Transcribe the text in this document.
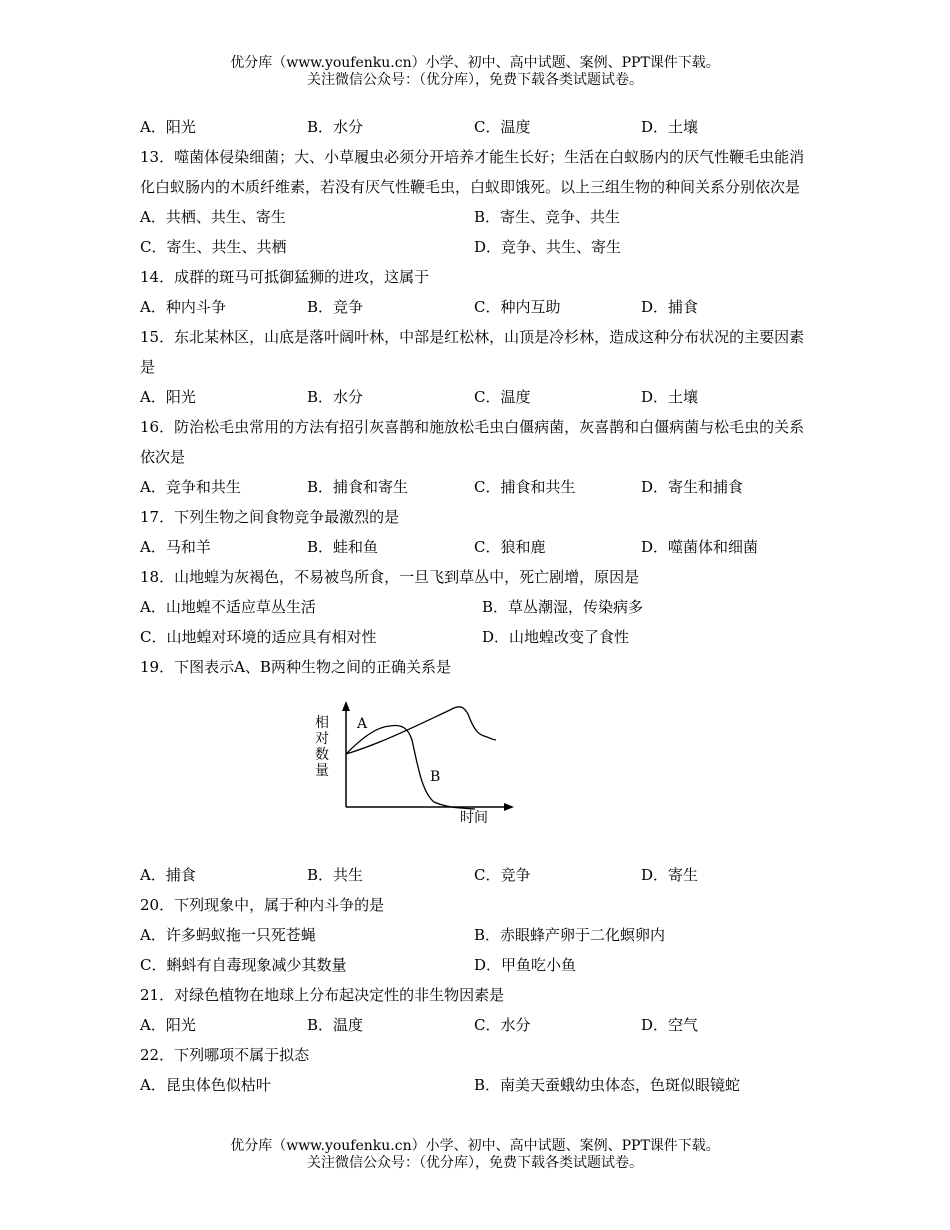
优分库（www.youfenku.cn）小学、初中、高中试题、案例、PPT课件下载。
关注微信公众号：（优分库），免费下载各类试题试卷。
A．阳光	B．水分	C．温度	D．土壤

13．噬菌体侵染细菌；大、小草履虫必须分开培养才能生长好；生活在白蚁肠内的厌气性鞭毛虫能消化白蚁肠内的木质纤维素，若没有厌气性鞭毛虫，白蚁即饿死。以上三组生物的种间关系分别依次是

A．共栖、共生、寄生	B．寄生、竞争、共生
C．寄生、共生、共栖	D．竞争、共生、寄生

14．成群的斑马可抵御猛狮的进攻，这属于

A．种内斗争	B．竞争	C．种内互助	D．捕食

15．东北某林区，山底是落叶阔叶林，中部是红松林，山顶是冷杉林，造成这种分布状况的主要因素是

A．阳光	B．水分	C．温度	D．土壤

16．防治松毛虫常用的方法有招引灰喜鹊和施放松毛虫白僵病菌，灰喜鹊和白僵病菌与松毛虫的关系依次是

A．竞争和共生	B．捕食和寄生	C．捕食和共生	D．寄生和捕食

17．下列生物之间食物竞争最激烈的是

A．马和羊	B．蛙和鱼	C．狼和鹿	D．噬菌体和细菌

18．山地蝗为灰褐色，不易被鸟所食，一旦飞到草丛中，死亡剧增，原因是

A．山地蝗不适应草丛生活	B．草丛潮湿，传染病多
C．山地蝗对环境的适应具有相对性	D．山地蝗改变了食性

19．下图表示A、B两种生物之间的正确关系是

相
对
数
量
时间
A
B
A．捕食	B．共生	C．竞争	D．寄生

20．下列现象中，属于种内斗争的是

A．许多蚂蚁拖一只死苍蝇	B．赤眼蜂产卵于二化螟卵内
C．蝌蚪有自毒现象减少其数量	D．甲鱼吃小鱼

21．对绿色植物在地球上分布起决定性的非生物因素是

A．阳光	B．温度	C．水分	D．空气

22．下列哪项不属于拟态

A．昆虫体色似枯叶	B．南美天蚕蛾幼虫体态，色斑似眼镜蛇
优分库（www.youfenku.cn）小学、初中、高中试题、案例、PPT课件下载。
关注微信公众号：（优分库），免费下载各类试题试卷。
